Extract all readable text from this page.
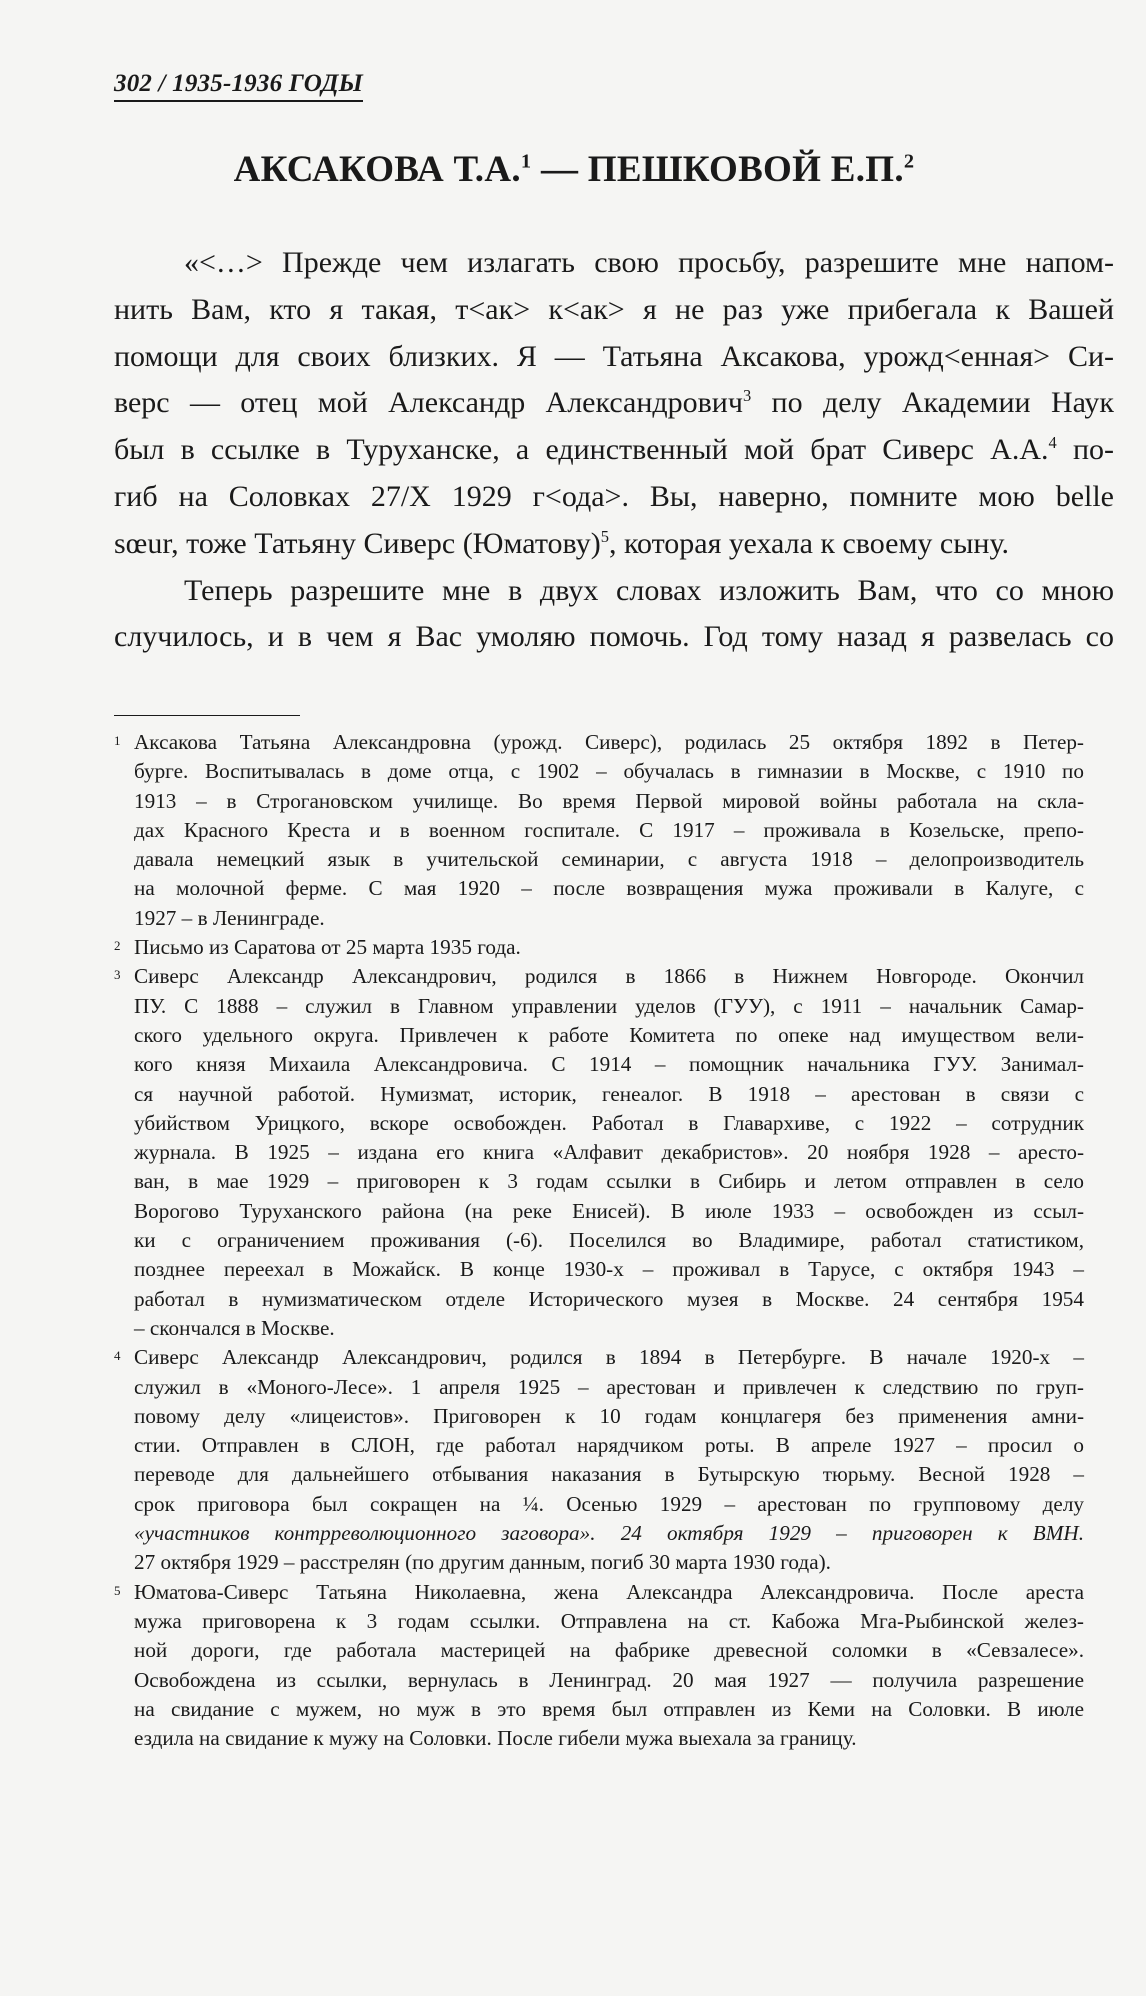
302 / 1935-1936 ГОДЫ
АКСАКОВА Т.А.$^1$ — ПЕШКОВОЙ Е.П.$^2$
«<…> Прежде чем излагать свою просьбу, разрешите мне напом-
нить Вам, кто я такая, т<ак> к<ак> я не раз уже прибегала к Вашей
помощи для своих близких. Я — Татьяна Аксакова, урожд<енная> Си-
верс — отец мой Александр Александрович$^3$ по делу Академии Наук
был в ссылке в Туруханске, а единственный мой брат Сиверс А.А.$^4$ по-
гиб на Соловках 27/X 1929 г<ода>. Вы, наверно, помните мою belle
sœur, тоже Татьяну Сиверс (Юматову)$^5$, которая уехала к своему сыну.
Теперь разрешите мне в двух словах изложить Вам, что со мною
случилось, и в чем я Вас умоляю помочь. Год тому назад я развелась со
1 Аксакова Татьяна Александровна (урожд. Сиверс), родилась 25 октября 1892 в Петер-
бурге. Воспитывалась в доме отца, с 1902 – обучалась в гимназии в Москве, с 1910 по
1913 – в Строгановском училище. Во время Первой мировой войны работала на скла-
дах Красного Креста и в военном госпитале. С 1917 – проживала в Козельске, препо-
давала немецкий язык в учительской семинарии, с августа 1918 – делопроизводитель
на молочной ферме. С мая 1920 – после возвращения мужа проживали в Калуге, с
1927 – в Ленинграде.
2 Письмо из Саратова от 25 марта 1935 года.
3 Сиверс Александр Александрович, родился в 1866 в Нижнем Новгороде. Окончил
ПУ. С 1888 – служил в Главном управлении уделов (ГУУ), с 1911 – начальник Самар-
ского удельного округа. Привлечен к работе Комитета по опеке над имуществом вели-
кого князя Михаила Александровича. С 1914 – помощник начальника ГУУ. Занимал-
ся научной работой. Нумизмат, историк, генеалог. В 1918 – арестован в связи с
убийством Урицкого, вскоре освобожден. Работал в Главархиве, с 1922 – сотрудник
журнала. В 1925 – издана его книга «Алфавит декабристов». 20 ноября 1928 – аресто-
ван, в мае 1929 – приговорен к 3 годам ссылки в Сибирь и летом отправлен в село
Ворогово Туруханского района (на реке Енисей). В июле 1933 – освобожден из ссыл-
ки с ограничением проживания (-6). Поселился во Владимире, работал статистиком,
позднее переехал в Можайск. В конце 1930-х – проживал в Тарусе, с октября 1943 –
работал в нумизматическом отделе Исторического музея в Москве. 24 сентября 1954
– скончался в Москве.
4 Сиверс Александр Александрович, родился в 1894 в Петербурге. В начале 1920-х –
служил в «Моного-Лесе». 1 апреля 1925 – арестован и привлечен к следствию по груп-
повому делу «лицеистов». Приговорен к 10 годам концлагеря без применения амни-
стии. Отправлен в СЛОН, где работал нарядчиком роты. В апреле 1927 – просил о
переводе для дальнейшего отбывания наказания в Бутырскую тюрьму. Весной 1928 –
срок приговора был сокращен на ¼. Осенью 1929 – арестован по групповому делу
«участников контрреволюционного заговора». 24 октября 1929 – приговорен к ВМН.
27 октября 1929 – расстрелян (по другим данным, погиб 30 марта 1930 года).
5 Юматова-Сиверс Татьяна Николаевна, жена Александра Александровича. После ареста
мужа приговорена к 3 годам ссылки. Отправлена на ст. Кабожа Мга-Рыбинской желез-
ной дороги, где работала мастерицей на фабрике древесной соломки в «Севзалесе».
Освобождена из ссылки, вернулась в Ленинград. 20 мая 1927 — получила разрешение
на свидание с мужем, но муж в это время был отправлен из Кеми на Соловки. В июле
ездила на свидание к мужу на Соловки. После гибели мужа выехала за границу.
